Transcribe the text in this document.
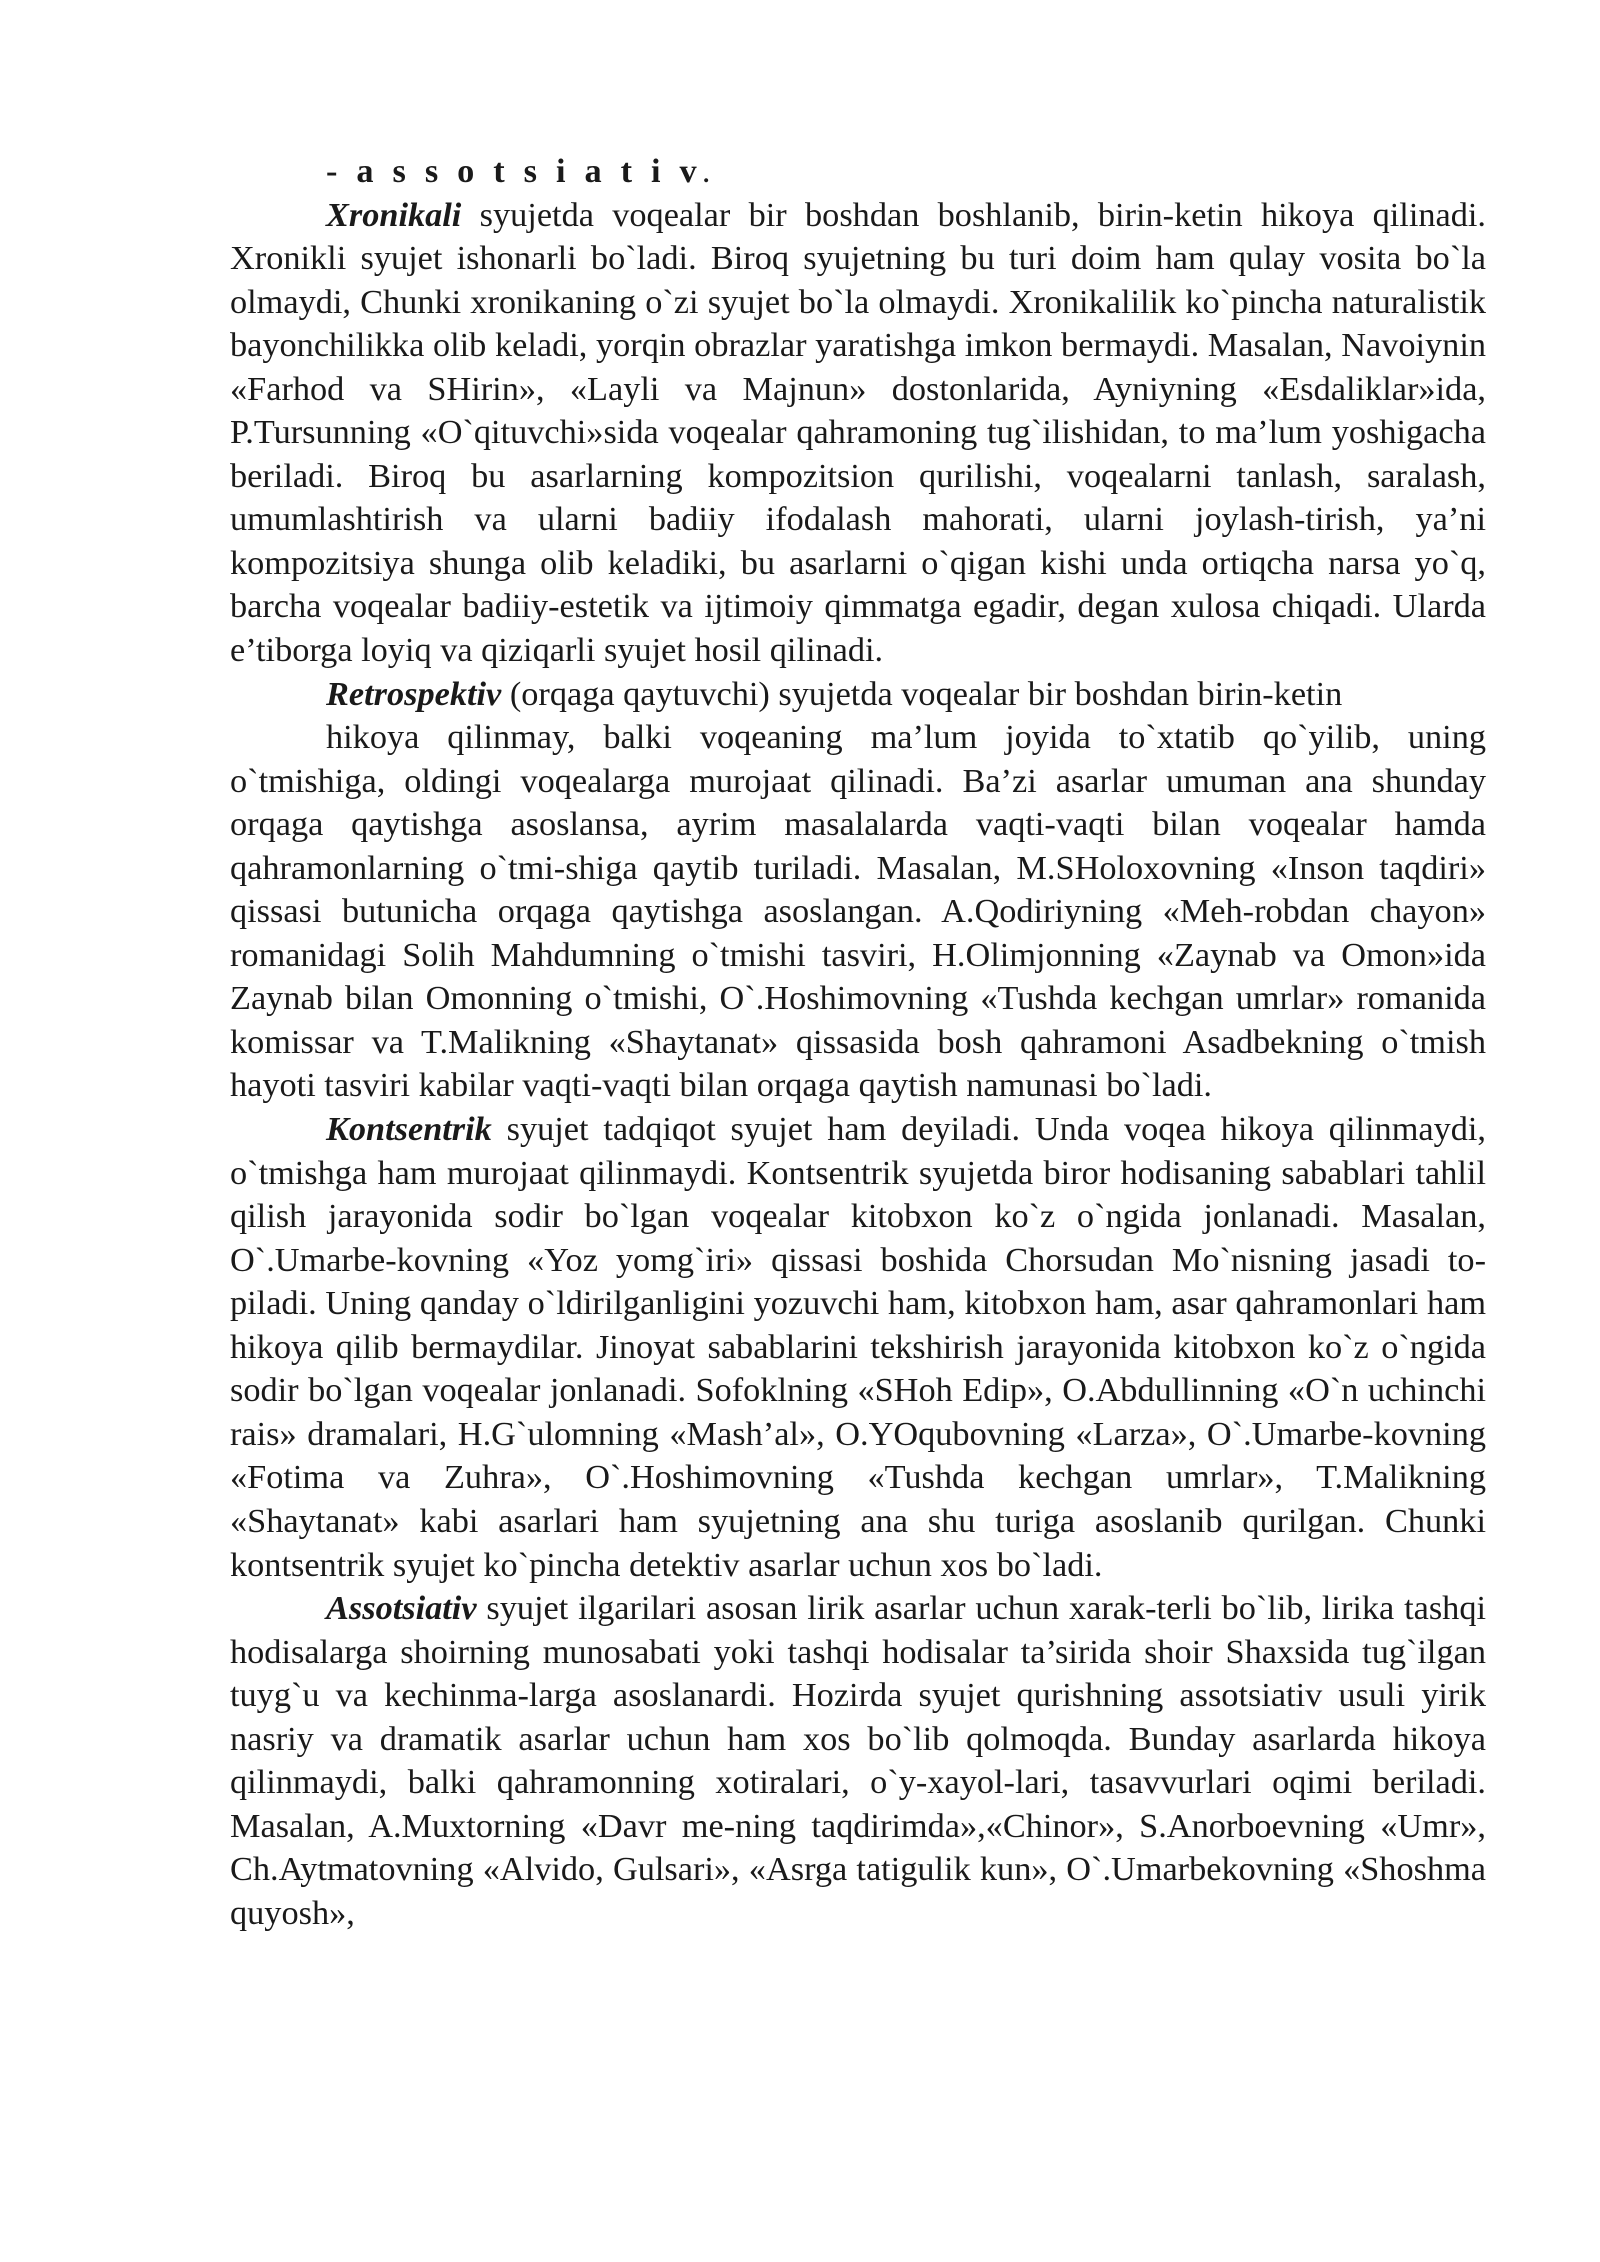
- a s s o t s i a t i v.

Xronikali syujetda voqealar bir boshdan boshlanib, birin-ketin hikoya qilinadi. Xronikli syujet ishonarli bo`ladi. Biroq syujetning bu turi doim ham qulay vosita bo`la olmaydi, Chunki xronikaning o`zi syujet bo`la olmaydi. Xronikalilik ko`pincha naturalistik bayonchilikka olib keladi, yorqin obrazlar yaratishga imkon bermaydi. Masalan, Navoiynin «Farhod va SHirin», «Layli va Majnun» dostonlarida, Ayniyning «Esdaliklar»ida, P.Tursunning «O`qituvchi»sida voqealar qahramoning tug`ilishidan, to ma’lum yoshigacha beriladi. Biroq bu asarlarning kompozitsion qurilishi, voqealarni tanlash, saralash, umumlashtirish va ularni badiiy ifodalash mahorati, ularni joylash-tirish, ya’ni kompozitsiya shunga olib keladiki, bu asarlarni o`qigan kishi unda ortiqcha narsa yo`q, barcha voqealar badiiy-estetik va ijtimoiy qimmatga egadir, degan xulosa chiqadi. Ularda e’tiborga loyiq va qiziqarli syujet hosil qilinadi.

Retrospektiv (orqaga qaytuvchi) syujetda voqealar bir boshdan birin-ketin

hikoya qilinmay, balki voqeaning ma’lum joyida to`xtatib qo`yilib, uning o`tmishiga, oldingi voqealarga murojaat qilinadi. Ba’zi asarlar umuman ana shunday orqaga qaytishga asoslansa, ayrim masalalarda vaqti-vaqti bilan voqealar hamda qahramonlarning o`tmi-shiga qaytib turiladi. Masalan, M.SHoloxovning «Inson taqdiri» qissasi butunicha orqaga qaytishga asoslangan. A.Qodiriyning «Meh-robdan chayon» romanidagi Solih Mahdumning o`tmishi tasviri, H.Olimjonning «Zaynab va Omon»ida Zaynab bilan Omonning o`tmishi, O`.Hoshimovning «Tushda kechgan umrlar» romanida komissar va T.Malikning «Shaytanat» qissasida bosh qahramoni Asadbekning o`tmish hayoti tasviri kabilar vaqti-vaqti bilan orqaga qaytish namunasi bo`ladi.

Kontsentrik syujet tadqiqot syujet ham deyiladi. Unda voqea hikoya qilinmaydi, o`tmishga ham murojaat qilinmaydi. Kontsentrik syujetda biror hodisaning sabablari tahlil qilish jarayonida sodir bo`lgan voqealar kitobxon ko`z o`ngida jonlanadi. Masalan, O`.Umarbe-kovning «Yoz yomg`iri» qissasi boshida Chorsudan Mo`nisning jasadi to-piladi. Uning qanday o`ldirilganligini yozuvchi ham, kitobxon ham, asar qahramonlari ham hikoya qilib bermaydilar. Jinoyat sabablarini tekshirish jarayonida kitobxon ko`z o`ngida sodir bo`lgan voqealar jonlanadi. Sofoklning «SHoh Edip», O.Abdullinning «O`n uchinchi rais» dramalari, H.G`ulomning «Mash’al», O.YOqubovning «Larza», O`.Umarbe-kovning «Fotima va Zuhra», O`.Hoshimovning «Tushda kechgan umrlar», T.Malikning «Shaytanat» kabi asarlari ham syujetning ana shu turiga asoslanib qurilgan. Chunki kontsentrik syujet ko`pincha detektiv asarlar uchun xos bo`ladi.

Assotsiativ syujet ilgarilari asosan lirik asarlar uchun xarak-terli bo`lib, lirika tashqi hodisalarga shoirning munosabati yoki tashqi hodisalar ta’sirida shoir Shaxsida tug`ilgan tuyg`u va kechinma-larga asoslanardi. Hozirda syujet qurishning assotsiativ usuli yirik nasriy va dramatik asarlar uchun ham xos bo`lib qolmoqda. Bunday asarlarda hikoya qilinmaydi, balki qahramonning xotiralari, o`y-xayol-lari, tasavvurlari oqimi beriladi. Masalan, A.Muxtorning «Davr me-ning taqdirimda»,«Chinor», S.Anorboevning «Umr», Ch.Aytmatovning «Alvido, Gulsari», «Asrga tatigulik kun», O`.Umarbekovning «Shoshma quyosh»,
